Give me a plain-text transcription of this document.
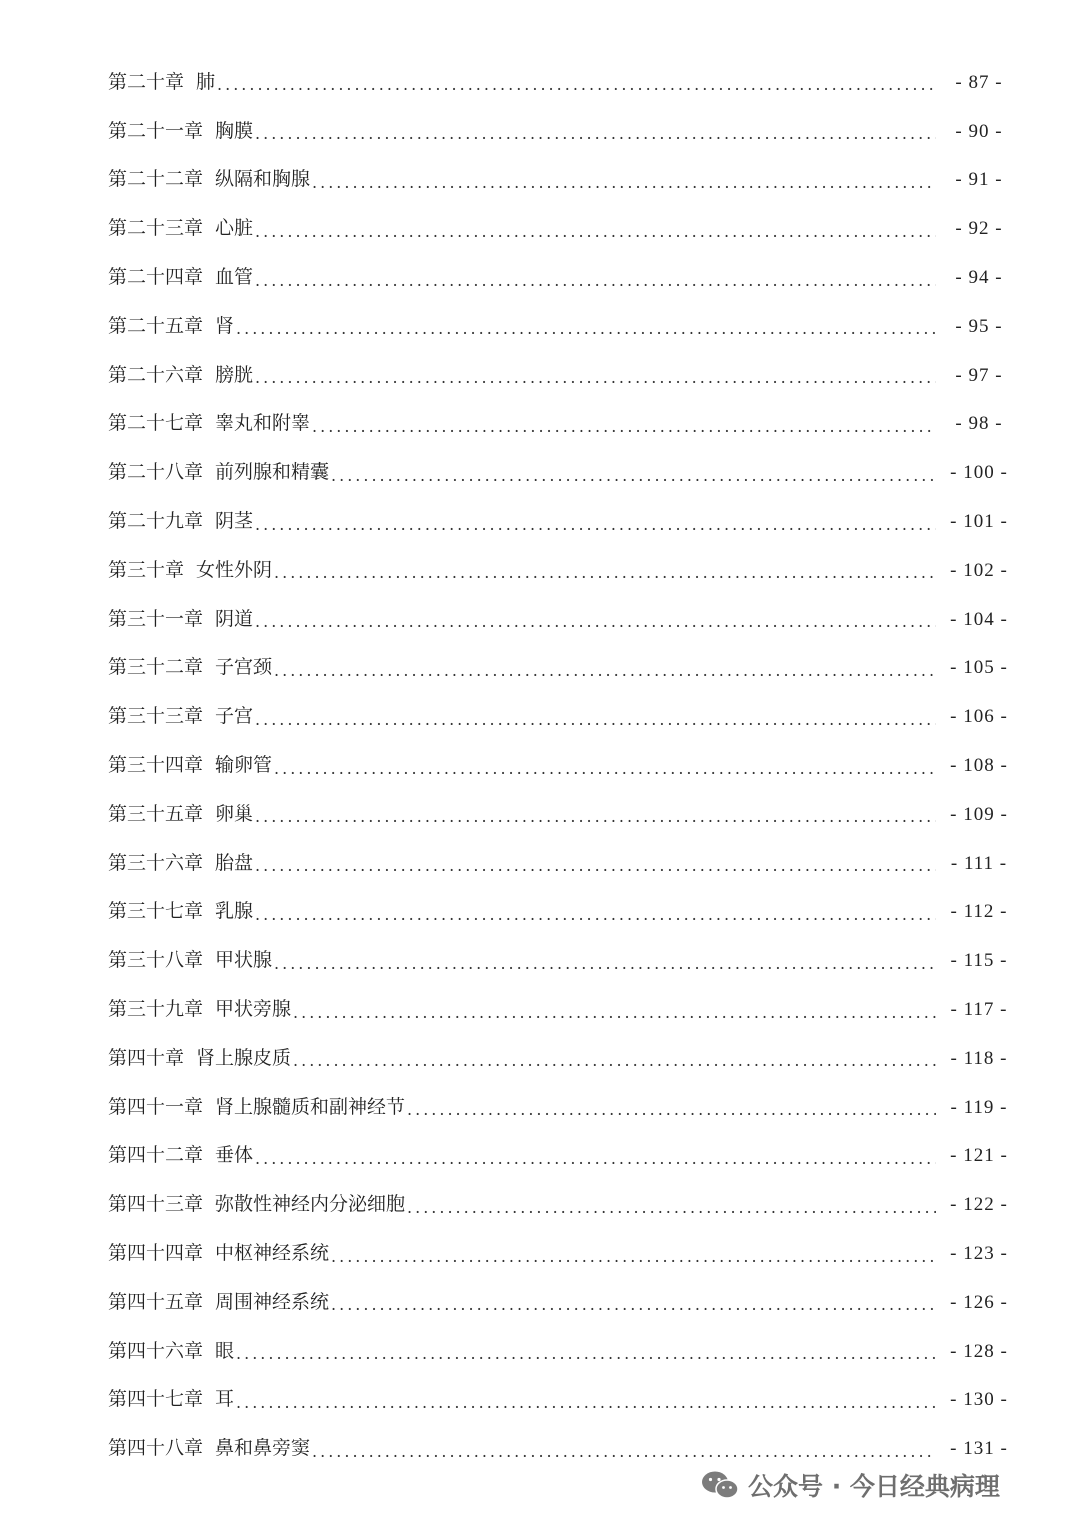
第二十章 肺 .....	- 87 -
第二十一章 胸膜 .....	- 90 -
第二十二章 纵隔和胸腺 .....	- 91 -
第二十三章 心脏 .....	- 92 -
第二十四章 血管 .....	- 94 -
第二十五章 肾 .....	- 95 -
第二十六章 膀胱 .....	- 97 -
第二十七章 睾丸和附睾 .....	- 98 -
第二十八章 前列腺和精囊 .....	- 100 -
第二十九章 阴茎 .....	- 101 -
第三十章 女性外阴 .....	- 102 -
第三十一章 阴道 .....	- 104 -
第三十二章 子宫颈 .....	- 105 -
第三十三章 子宫 .....	- 106 -
第三十四章 输卵管 .....	- 108 -
第三十五章 卵巢 .....	- 109 -
第三十六章 胎盘 .....	- 111 -
第三十七章 乳腺 .....	- 112 -
第三十八章 甲状腺 .....	- 115 -
第三十九章 甲状旁腺 .....	- 117 -
第四十章 肾上腺皮质 .....	- 118 -
第四十一章 肾上腺髓质和副神经节 .....	- 119 -
第四十二章 垂体 .....	- 121 -
第四十三章 弥散性神经内分泌细胞 .....	- 122 -
第四十四章 中枢神经系统 .....	- 123 -
第四十五章 周围神经系统 .....	- 126 -
第四十六章 眼 .....	- 128 -
第四十七章 耳 .....	- 130 -
第四十八章 鼻和鼻旁窦 .....	- 131 -
公众号 · 今日经典病理
